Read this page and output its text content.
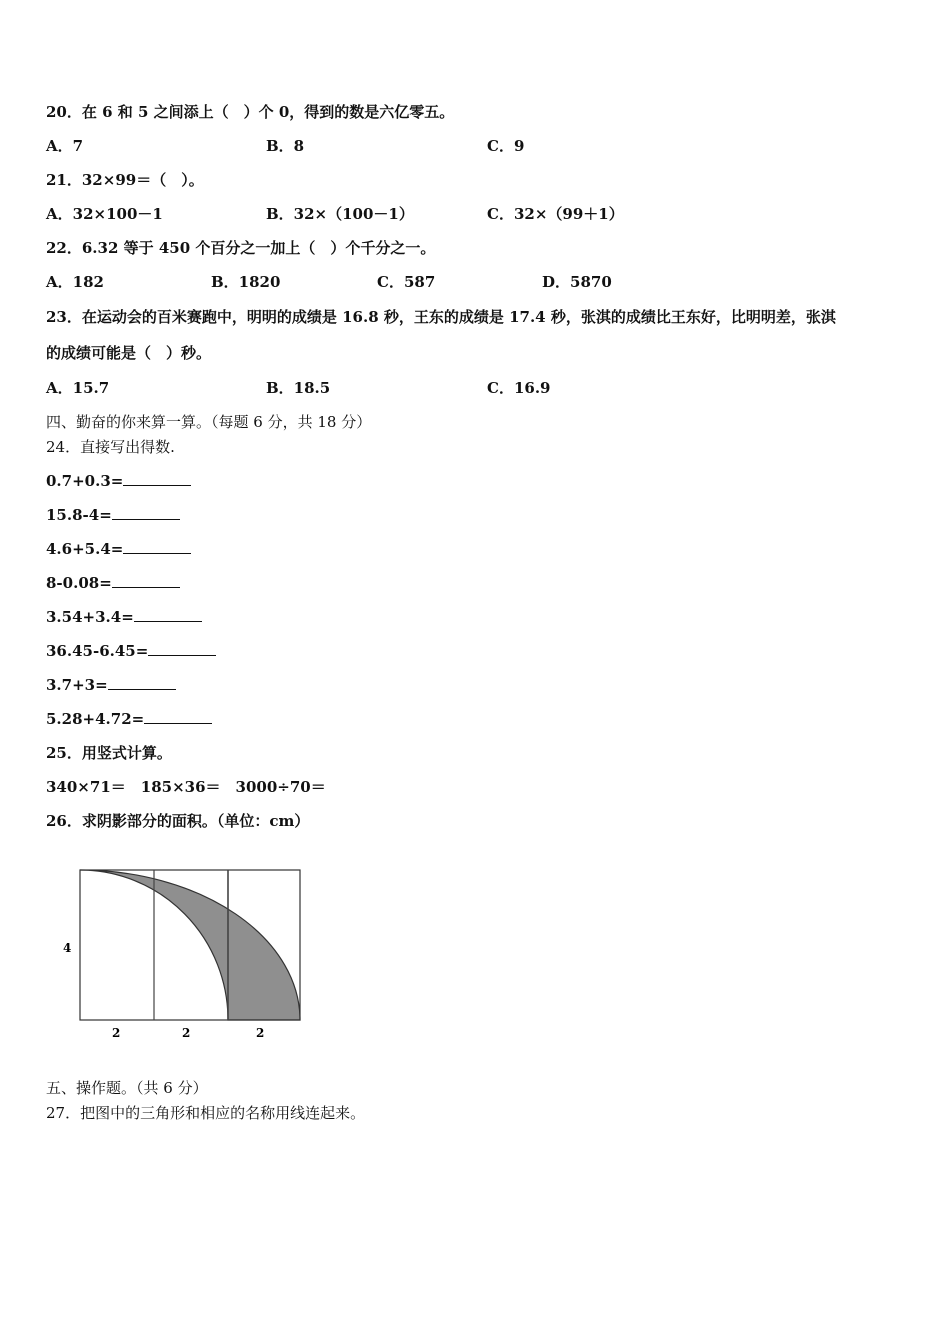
20．在 6 和 5 之间添上（　）个 0，得到的数是六亿零五。
A．7	B．8	C．9
21．32×99＝（　）。
A．32×100－1	B．32×（100－1）	C．32×（99＋1）
22．6.32 等于 450 个百分之一加上（　）个千分之一。
A．182	B．1820	C．587	D．5870
23．在运动会的百米赛跑中，明明的成绩是 16.8 秒，王东的成绩是 17.4 秒，张淇的成绩比王东好，比明明差，张淇
的成绩可能是（　）秒。
A．15.7	B．18.5	C．16.9
四、勤奋的你来算一算。（每题 6 分，共 18 分）
24．直接写出得数.
0.7+0.3=
15.8-4=
4.6+5.4=
8-0.08=
3.54+3.4=
36.45-6.45=
3.7+3=
5.28+4.72=
25．用竖式计算。
340×71＝　185×36＝　3000÷70＝
26．求阴影部分的面积。（单位：cm）
4
2	2	2
五、操作题。（共 6 分）
27．把图中的三角形和相应的名称用线连起来。
